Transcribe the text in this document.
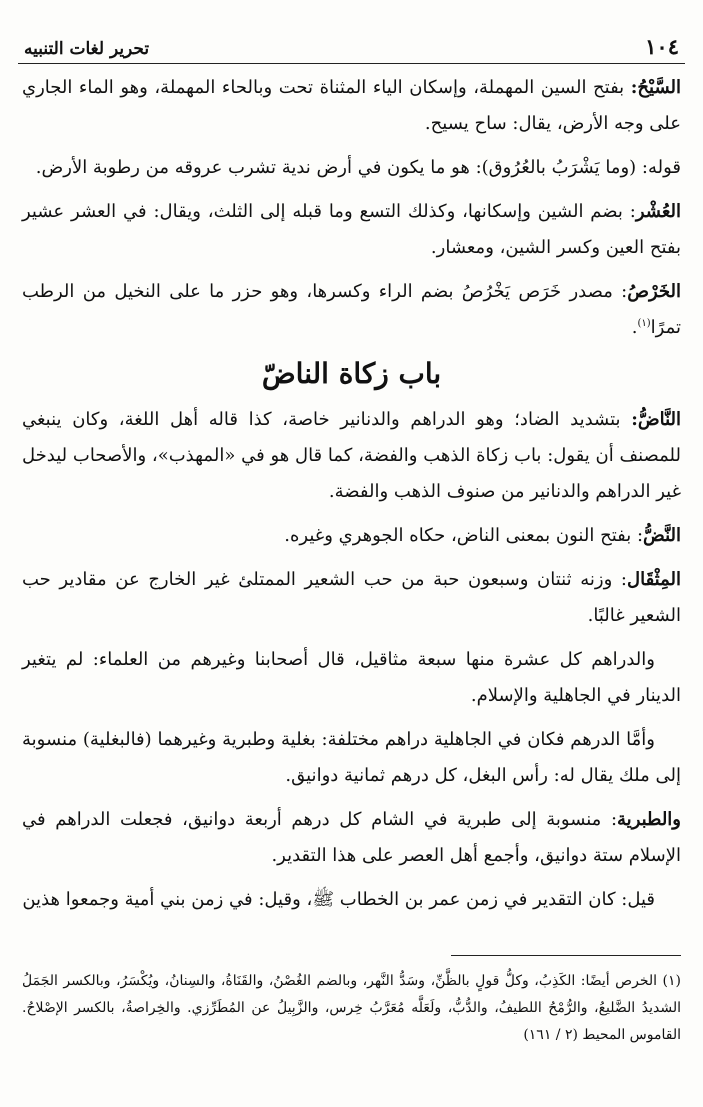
١٠٤
تحرير لغات التنبيه

السَّيْحُ: بفتح السين المهملة، وإسكان الياء المثناة تحت وبالحاء المهملة، وهو الماء الجاري على وجه الأرض، يقال: ساح يسيح.

قوله: (وما يَشْرَبُ بالعُرُوق): هو ما يكون في أرض ندية تشرب عروقه من رطوبة الأرض.

العُشْر: بضم الشين وإسكانها، وكذلك التسع وما قبله إلى الثلث، ويقال: في العشر عشير بفتح العين وكسر الشين، ومعشار.

الخَرْصُ: مصدر خَرَص يَخْرُصُ بضم الراء وكسرها، وهو حزر ما على النخيل من الرطب تمرًا$^{(١)}$.

باب زكاة الناضّ

النَّاضُّ: بتشديد الضاد؛ وهو الدراهم والدنانير خاصة، كذا قاله أهل اللغة، وكان ينبغي للمصنف أن يقول: باب زكاة الذهب والفضة، كما قال هو في «المهذب»، والأصحاب ليدخل غير الدراهم والدنانير من صنوف الذهب والفضة.

النَّضُّ: بفتح النون بمعنى الناض، حكاه الجوهري وغيره.

المِثْقَال: وزنه ثنتان وسبعون حبة من حب الشعير الممتلئ غير الخارج عن مقادير حب الشعير غالبًا.

والدراهم كل عشرة منها سبعة مثاقيل، قال أصحابنا وغيرهم من العلماء: لم يتغير الدينار في الجاهلية والإسلام.

وأمَّا الدرهم فكان في الجاهلية دراهم مختلفة: بغلية وطبرية وغيرهما (فالبغلية) منسوبة إلى ملك يقال له: رأس البغل، كل درهم ثمانية دوانيق.

والطبرية: منسوبة إلى طبرية في الشام كل درهم أربعة دوانيق، فجعلت الدراهم في الإسلام ستة دوانيق، وأجمع أهل العصر على هذا التقدير.

قيل: كان التقدير في زمن عمر بن الخطاب ﷺ، وقيل: في زمن بني أمية وجمعوا هذين

(١) الخرص أيضًا: الكَذِبُ، وكلُّ قولٍ بالظَّنِّ، وسَدُّ النَّهر، وبالضم الغُصْنُ، والقَنَاةُ، والسِنانُ، ويُكْسَرُ، وبالكسر الجَمَلُ الشديدُ الضَّليعُ، والرُّمْحُ اللطيفُ، والدُّبُّ، ولَعَلَّه مُعَرَّبُ خِرس، والزَّبِيلُ عن المُطَرِّزي. والخِراصةُ، بالكسر الإصْلاحُ. القاموس المحيط (٢ / ١٦١)
